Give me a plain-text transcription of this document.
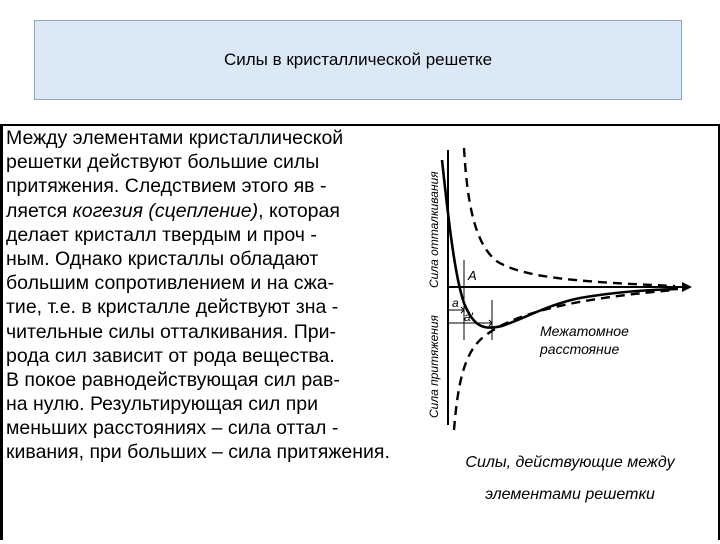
Силы в кристаллической решетке
Между элементами кристаллической
решетки действуют большие силы
притяжения. Следствием этого яв -
ляется когезия (сцепление), которая
делает кристалл твердым и проч -
ным. Однако кристаллы обладают
большим сопротивлением и на сжа-
тие, т.е. в кристалле действуют зна -
чительные силы отталкивания. При-
рода сил зависит от рода вещества.
В покое равнодействующая сил рав-
на нулю. Результирующая сил при
меньших расстояниях – сила оттал -
кивания, при больших – сила притяжения.
A
a
a'
Сила отталкивания
Сила притяжения	Межатомное
расстояние
Силы, действующие между
элементами решетки
